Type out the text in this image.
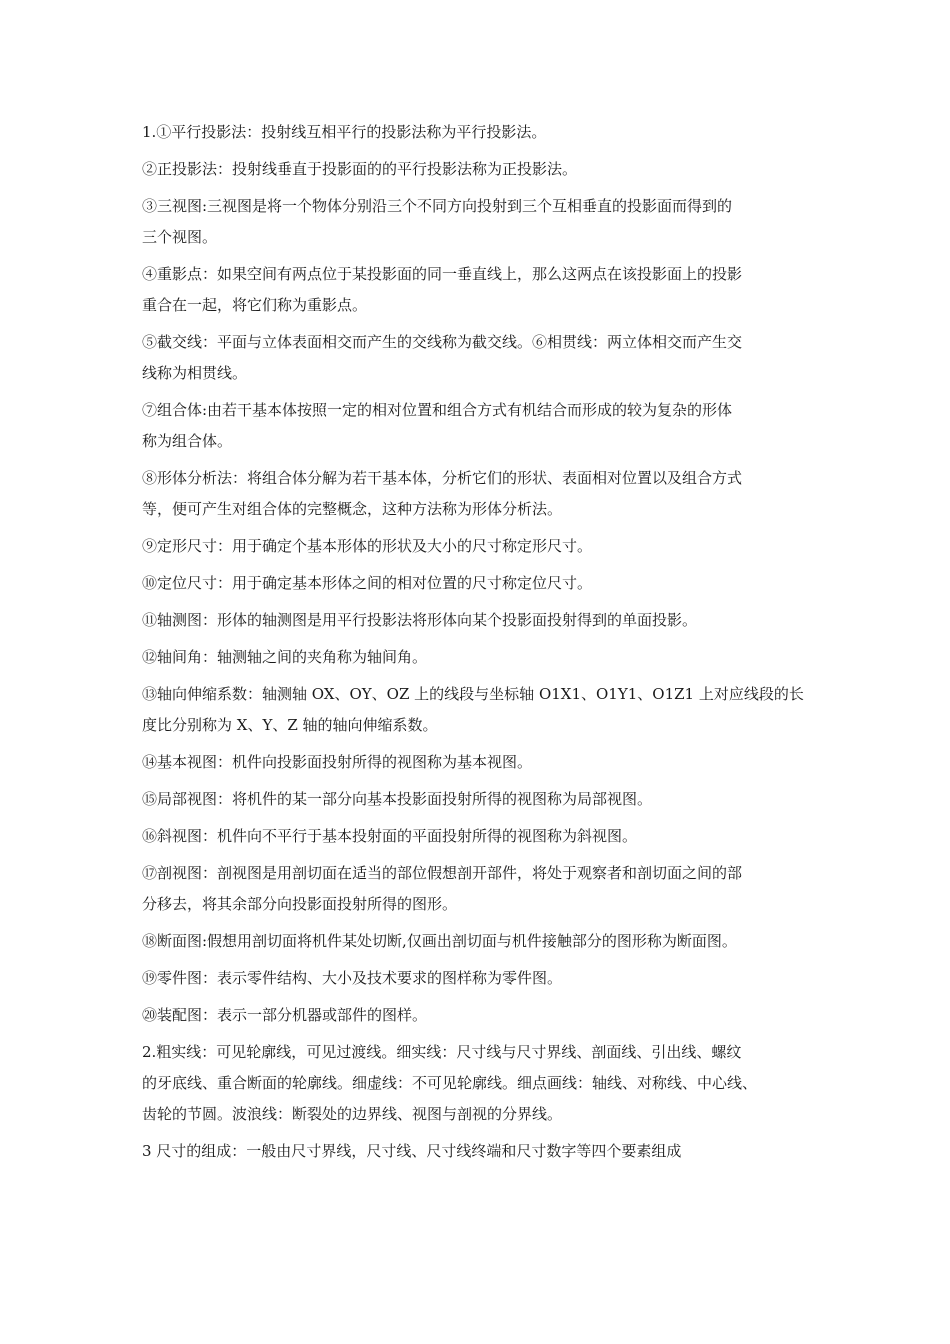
1.①平行投影法：投射线互相平行的投影法称为平行投影法。
②正投影法：投射线垂直于投影面的的平行投影法称为正投影法。
③三视图:三视图是将一个物体分别沿三个不同方向投射到三个互相垂直的投影面而得到的
三个视图。
④重影点：如果空间有两点位于某投影面的同一垂直线上，那么这两点在该投影面上的投影
重合在一起，将它们称为重影点。
⑤截交线：平面与立体表面相交而产生的交线称为截交线。⑥相贯线：两立体相交而产生交
线称为相贯线。
⑦组合体:由若干基本体按照一定的相对位置和组合方式有机结合而形成的较为复杂的形体
称为组合体。
⑧形体分析法：将组合体分解为若干基本体，分析它们的形状、表面相对位置以及组合方式
等，便可产生对组合体的完整概念，这种方法称为形体分析法。
⑨定形尺寸：用于确定个基本形体的形状及大小的尺寸称定形尺寸。
⑩定位尺寸：用于确定基本形体之间的相对位置的尺寸称定位尺寸。
⑪轴测图：形体的轴测图是用平行投影法将形体向某个投影面投射得到的单面投影。
⑫轴间角：轴测轴之间的夹角称为轴间角。
⑬轴向伸缩系数：轴测轴 OX、OY、OZ 上的线段与坐标轴 O1X1、O1Y1、O1Z1 上对应线段的长
度比分别称为 X、Y、Z 轴的轴向伸缩系数。
⑭基本视图：机件向投影面投射所得的视图称为基本视图。
⑮局部视图：将机件的某一部分向基本投影面投射所得的视图称为局部视图。
⑯斜视图：机件向不平行于基本投射面的平面投射所得的视图称为斜视图。
⑰剖视图：剖视图是用剖切面在适当的部位假想剖开部件，将处于观察者和剖切面之间的部
分移去，将其余部分向投影面投射所得的图形。
⑱断面图:假想用剖切面将机件某处切断,仅画出剖切面与机件接触部分的图形称为断面图。
⑲零件图：表示零件结构、大小及技术要求的图样称为零件图。
⑳装配图：表示一部分机器或部件的图样。
2.粗实线：可见轮廓线，可见过渡线。细实线：尺寸线与尺寸界线、剖面线、引出线、螺纹
的牙底线、重合断面的轮廓线。细虚线：不可见轮廓线。细点画线：轴线、对称线、中心线、
齿轮的节圆。波浪线：断裂处的边界线、视图与剖视的分界线。
3 尺寸的组成：一般由尺寸界线，尺寸线、尺寸线终端和尺寸数字等四个要素组成
